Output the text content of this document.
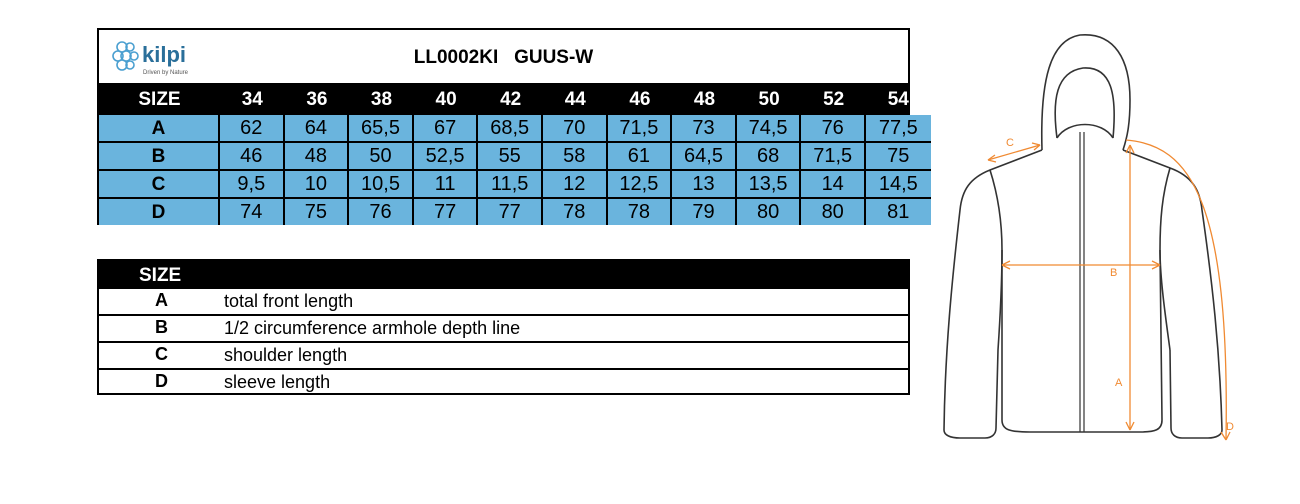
kilpi
Driven by Nature
LL0002KI GUUS-W
SIZE	34	36	38	40	42	44	46	48	50	52	54
A	62	64	65,5	67	68,5	70	71,5	73	74,5	76	77,5
B	46	48	50	52,5	55	58	61	64,5	68	71,5	75
C	9,5	10	10,5	11	11,5	12	12,5	13	13,5	14	14,5
D	74	75	76	77	77	78	78	79	80	80	81
SIZE
A	total front length
B	1/2 circumference armhole depth line
C	shoulder length
D	sleeve length
C
B
A
D
